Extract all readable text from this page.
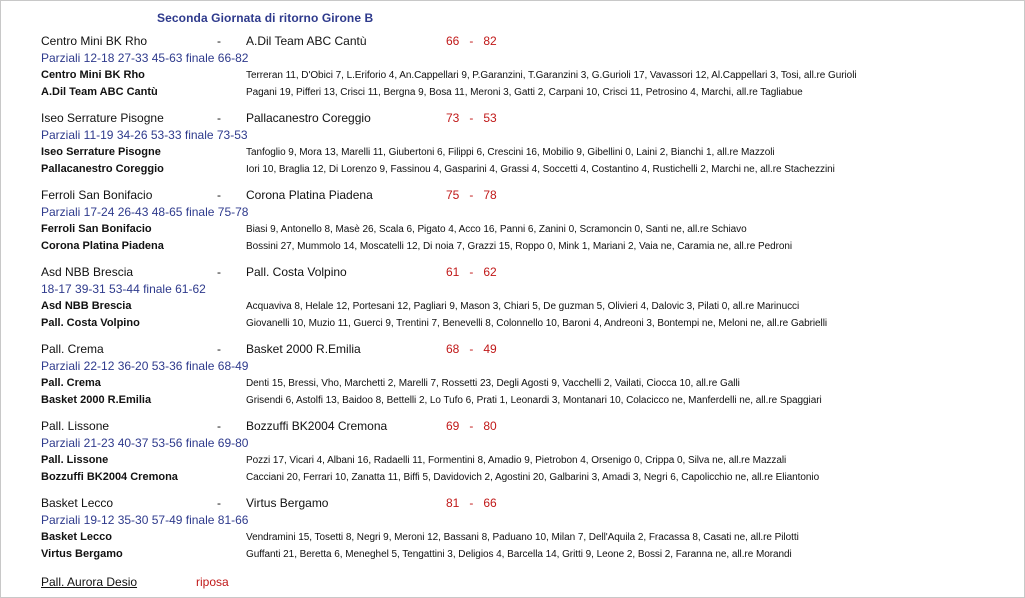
Seconda Giornata di ritorno Girone B
Centro Mini BK Rho	- A.Dil Team ABC Cantù	66   -   82
Parziali 12-18 27-33 45-63 finale 66-82
Centro Mini BK Rho	Terreran 11, D'Obici 7, L.Eriforio 4, An.Cappellari 9, P.Garanzini, T.Garanzini 3, G.Gurioli 17, Vavassori 12, Al.Cappellari 3, Tosi, all.re Gurioli
A.Dil Team ABC Cantù	Pagani 19, Pifferi 13, Crisci 11, Bergna 9, Bosa 11, Meroni 3, Gatti 2, Carpani 10, Crisci 11, Petrosino 4, Marchi, all.re Tagliabue
Iseo Serrature Pisogne	- Pallacanestro Coreggio	73   -   53
Parziali 11-19 34-26 53-33 finale 73-53
Iseo Serrature Pisogne	Tanfoglio 9, Mora 13, Marelli 11, Giubertoni 6, Filippi 6, Crescini 16, Mobilio 9, Gibellini 0, Laini 2, Bianchi 1, all.re Mazzoli
Pallacanestro Coreggio	Iori 10, Braglia 12, Di Lorenzo 9, Fassinou 4, Gasparini 4, Grassi 4, Soccetti 4, Costantino 4, Rustichelli 2, Marchi ne, all.re Stachezzini
Ferroli San Bonifacio	- Corona Platina Piadena	75   -   78
Parziali 17-24 26-43 48-65 finale 75-78
Ferroli San Bonifacio	Biasi 9, Antonello 8, Masè 26, Scala 6, Pigato 4, Acco 16, Panni 6, Zanini 0, Scramoncin 0, Santi ne, all.re Schiavo
Corona Platina Piadena	Bossini 27, Mummolo 14, Moscatelli 12, Di noia 7, Grazzi 15, Roppo 0, Mink 1, Mariani 2, Vaia ne, Caramia ne, all.re Pedroni
Asd NBB Brescia	- Pall. Costa Volpino	61   -   62
18-17 39-31 53-44 finale 61-62
Asd NBB Brescia	Acquaviva 8, Helale 12, Portesani 12, Pagliari 9, Mason 3, Chiari 5, De guzman 5, Olivieri 4, Dalovic 3, Pilati 0, all.re Marinucci
Pall. Costa Volpino	Giovanelli 10, Muzio 11, Guerci 9, Trentini 7, Benevelli 8, Colonnello 10, Baroni 4, Andreoni 3, Bontempi ne, Meloni ne, all.re Gabrielli
Pall. Crema	- Basket 2000 R.Emilia	68   -   49
Parziali 22-12 36-20 53-36 finale 68-49
Pall. Crema	Denti 15, Bressi, Vho, Marchetti 2, Marelli 7, Rossetti 23, Degli Agosti 9, Vacchelli 2, Vailati, Ciocca 10, all.re Galli
Basket 2000 R.Emilia	Grisendi 6, Astolfi 13, Baidoo 8, Bettelli 2, Lo Tufo 6, Prati 1, Leonardi 3, Montanari 10, Colacicco ne, Manferdelli ne, all.re Spaggiari
Pall. Lissone	- Bozzuffi BK2004 Cremona	69   -   80
Parziali 21-23 40-37 53-56 finale 69-80
Pall. Lissone	Pozzi 17, Vicari 4, Albani 16, Radaelli 11, Formentini 8, Amadio 9, Pietrobon 4, Orsenigo 0, Crippa 0, Silva ne, all.re Mazzali
Bozzuffi BK2004 Cremona	Cacciani 20, Ferrari 10, Zanatta 11, Biffi 5, Davidovich 2, Agostini 20, Galbarini 3, Amadi 3, Negri 6, Capolicchio ne, all.re Eliantonio
Basket Lecco	- Virtus Bergamo	81   -   66
Parziali 19-12 35-30 57-49 finale 81-66
Basket Lecco	Vendramini 15, Tosetti 8, Negri 9, Meroni 12, Bassani 8, Paduano 10, Milan 7, Dell'Aquila 2, Fracassa 8, Casati ne, all.re Pilotti
Virtus Bergamo	Guffanti 21, Beretta 6, Meneghel 5, Tengattini 3, Deligios 4, Barcella 14, Gritti 9, Leone 2, Bossi 2, Faranna ne, all.re Morandi
Pall. Aurora Desio	riposa
